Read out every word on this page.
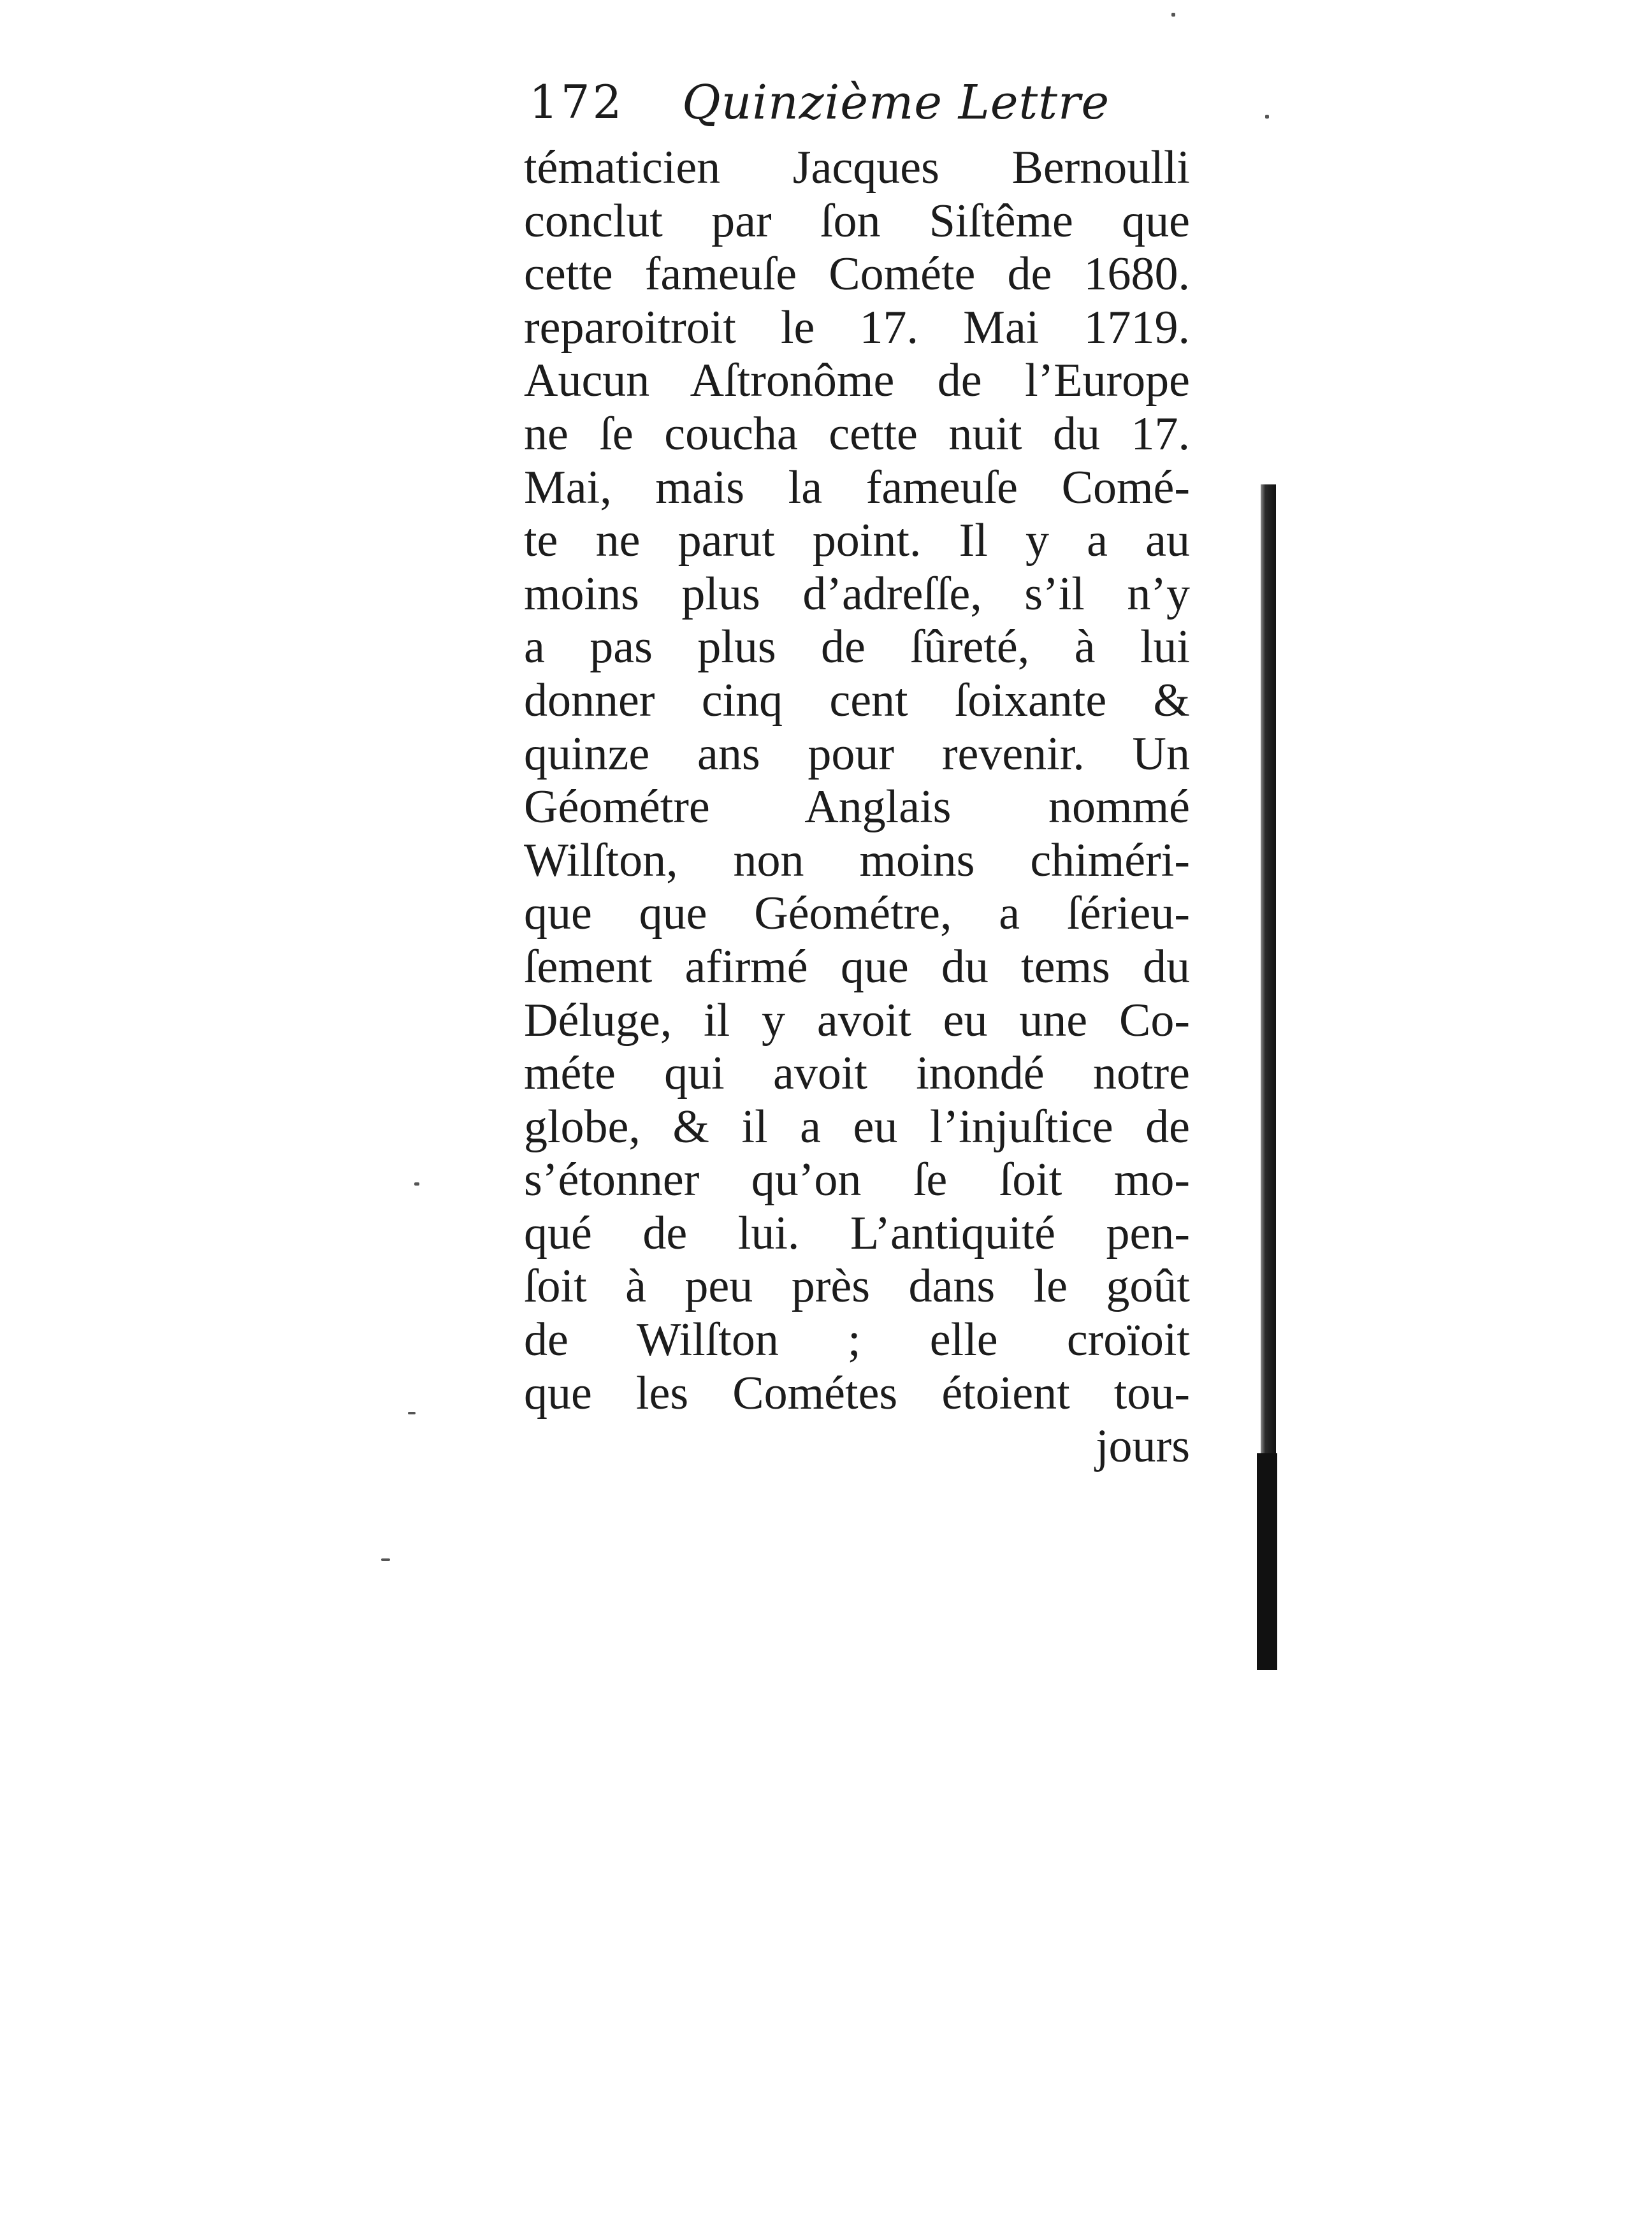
172 Quinzième Lettre
tématicien Jacques Bernoulli
conclut par ſon Siſtême que
cette fameuſe Cométe de 1680.
reparoitroit le 17. Mai 1719.
Aucun Aſtronôme de l’Europe
ne ſe coucha cette nuit du 17.
Mai, mais la fameuſe Comé-
te ne parut point. Il y a au
moins plus d’adreſſe, s’il n’y
a pas plus de ſûreté, à lui
donner cinq cent ſoixante &
quinze ans pour revenir. Un
Géométre Anglais nommé
Wilſton, non moins chiméri-
que que Géométre, a ſérieu-
ſement afirmé que du tems du
Déluge, il y avoit eu une Co-
méte qui avoit inondé notre
globe, & il a eu l’injuſtice de
s’étonner qu’on ſe ſoit mo-
qué de lui. L’antiquité pen-
ſoit à peu près dans le goût
de Wilſton ; elle croïoit
que les Cométes étoient tou-
jours
